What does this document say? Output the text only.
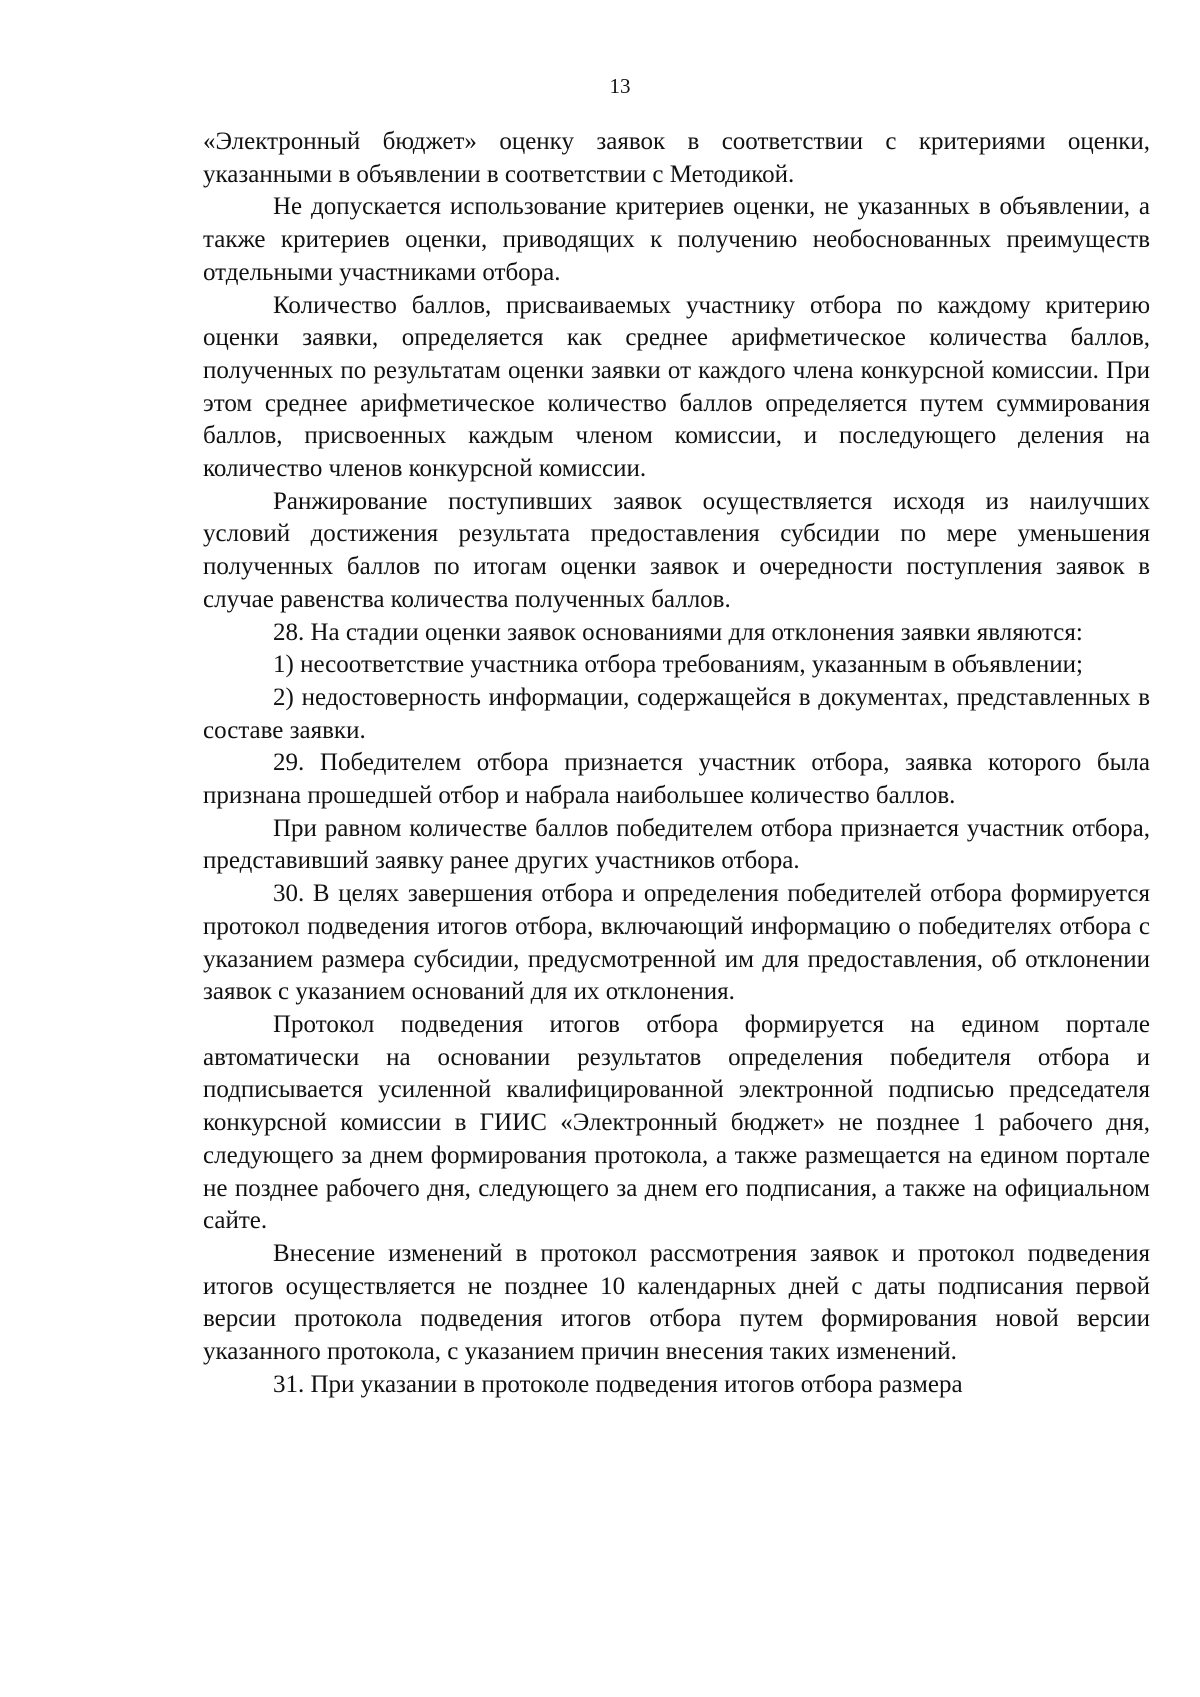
13

«Электронный бюджет» оценку заявок в соответствии с критериями оценки, указанными в объявлении в соответствии с Методикой.

Не допускается использование критериев оценки, не указанных в объявлении, а также критериев оценки, приводящих к получению необоснованных преимуществ отдельными участниками отбора.

Количество баллов, присваиваемых участнику отбора по каждому критерию оценки заявки, определяется как среднее арифметическое количества баллов, полученных по результатам оценки заявки от каждого члена конкурсной комиссии. При этом среднее арифметическое количество баллов определяется путем суммирования баллов, присвоенных каждым членом комиссии, и последующего деления на количество членов конкурсной комиссии.

Ранжирование поступивших заявок осуществляется исходя из наилучших условий достижения результата предоставления субсидии по мере уменьшения полученных баллов по итогам оценки заявок и очередности поступления заявок в случае равенства количества полученных баллов.

28. На стадии оценки заявок основаниями для отклонения заявки являются:

1) несоответствие участника отбора требованиям, указанным в объявлении;

2) недостоверность информации, содержащейся в документах, представленных в составе заявки.

29. Победителем отбора признается участник отбора, заявка которого была признана прошедшей отбор и набрала наибольшее количество баллов.

При равном количестве баллов победителем отбора признается участник отбора, представивший заявку ранее других участников отбора.

30. В целях завершения отбора и определения победителей отбора формируется протокол подведения итогов отбора, включающий информацию о победителях отбора с указанием размера субсидии, предусмотренной им для предоставления, об отклонении заявок с указанием оснований для их отклонения.

Протокол подведения итогов отбора формируется на едином портале автоматически на основании результатов определения победителя отбора и подписывается усиленной квалифицированной электронной подписью председателя конкурсной комиссии в ГИИС «Электронный бюджет» не позднее 1 рабочего дня, следующего за днем формирования протокола, а также размещается на едином портале не позднее рабочего дня, следующего за днем его подписания, а также на официальном сайте.

Внесение изменений в протокол рассмотрения заявок и протокол подведения итогов осуществляется не позднее 10 календарных дней с даты подписания первой версии протокола подведения итогов отбора путем формирования новой версии указанного протокола, с указанием причин внесения таких изменений.

31. При указании в протоколе подведения итогов отбора размера
